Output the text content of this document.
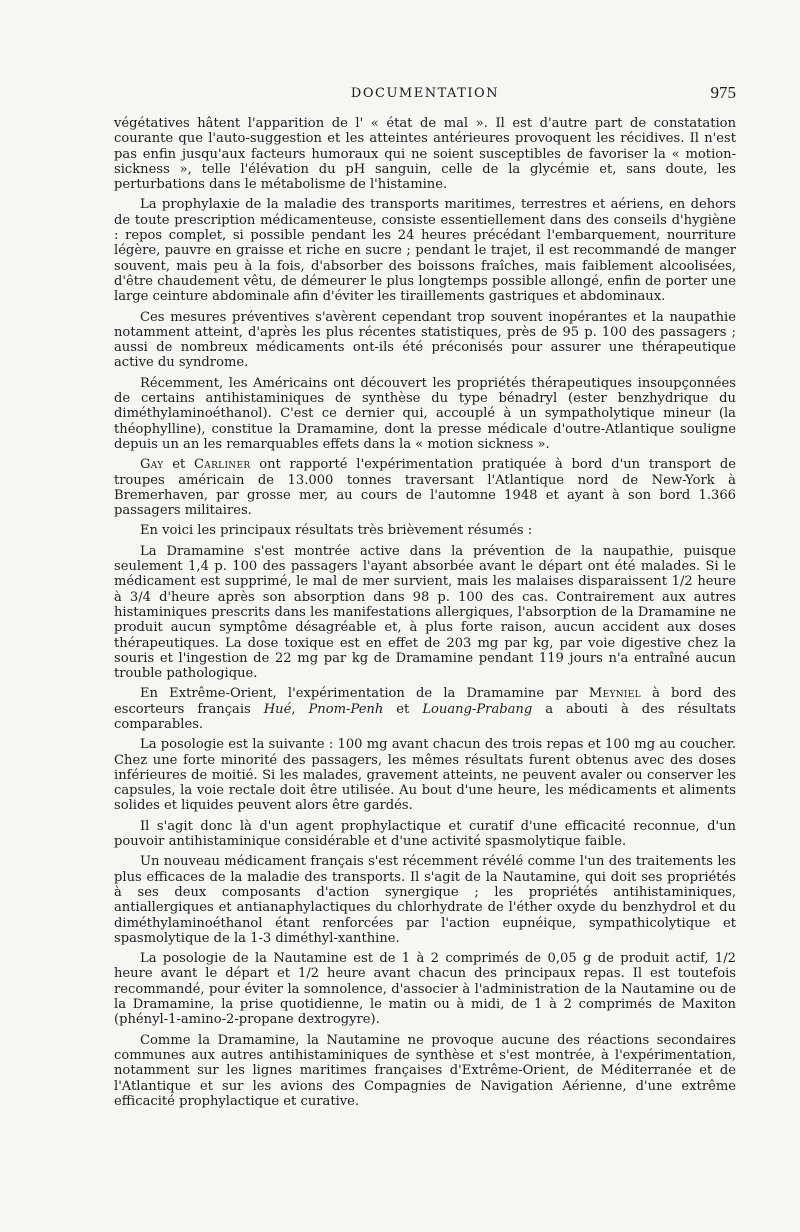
DOCUMENTATION	975

végétatives hâtent l'apparition de l' « état de mal ». Il est d'autre part de constatation courante que l'auto-suggestion et les atteintes antérieures provoquent les récidives. Il n'est pas enfin jusqu'aux facteurs humoraux qui ne soient susceptibles de favoriser la « motion-sickness », telle l'élévation du pH sanguin, celle de la glycémie et, sans doute, les perturbations dans le métabolisme de l'histamine.

La prophylaxie de la maladie des transports maritimes, terrestres et aériens, en dehors de toute prescription médicamenteuse, consiste essentiellement dans des conseils d'hygiène : repos complet, si possible pendant les 24 heures précédant l'embarquement, nourriture légère, pauvre en graisse et riche en sucre ; pendant le trajet, il est recommandé de manger souvent, mais peu à la fois, d'absorber des boissons fraîches, mais faiblement alcoolisées, d'être chaudement vêtu, de démeurer le plus longtemps possible allongé, enfin de porter une large ceinture abdominale afin d'éviter les tiraillements gastriques et abdominaux.

Ces mesures préventives s'avèrent cependant trop souvent inopérantes et la naupathie notamment atteint, d'après les plus récentes statistiques, près de 95 p. 100 des passagers ; aussi de nombreux médicaments ont-ils été préconisés pour assurer une thérapeutique active du syndrome.

Récemment, les Américains ont découvert les propriétés thérapeutiques insoupçonnées de certains antihistaminiques de synthèse du type bénadryl (ester benzhydrique du diméthylaminoéthanol). C'est ce dernier qui, accouplé à un sympatholytique mineur (la théophylline), constitue la Dramamine, dont la presse médicale d'outre-Atlantique souligne depuis un an les remarquables effets dans la « motion sickness ».

Gay et Carliner ont rapporté l'expérimentation pratiquée à bord d'un transport de troupes américain de 13.000 tonnes traversant l'Atlantique nord de New-York à Bremerhaven, par grosse mer, au cours de l'automne 1948 et ayant à son bord 1.366 passagers militaires.

En voici les principaux résultats très brièvement résumés :

La Dramamine s'est montrée active dans la prévention de la naupathie, puisque seulement 1,4 p. 100 des passagers l'ayant absorbée avant le départ ont été malades. Si le médicament est supprimé, le mal de mer survient, mais les malaises disparaissent 1/2 heure à 3/4 d'heure après son absorption dans 98 p. 100 des cas. Contrairement aux autres histaminiques prescrits dans les manifestations allergiques, l'absorption de la Dramamine ne produit aucun symptôme désagréable et, à plus forte raison, aucun accident aux doses thérapeutiques. La dose toxique est en effet de 203 mg par kg, par voie digestive chez la souris et l'ingestion de 22 mg par kg de Dramamine pendant 119 jours n'a entraîné aucun trouble pathologique.

En Extrême-Orient, l'expérimentation de la Dramamine par Meyniel à bord des escorteurs français Hué, Pnom-Penh et Louang-Prabang a abouti à des résultats comparables.

La posologie est la suivante : 100 mg avant chacun des trois repas et 100 mg au coucher. Chez une forte minorité des passagers, les mêmes résultats furent obtenus avec des doses inférieures de moitié. Si les malades, gravement atteints, ne peuvent avaler ou conserver les capsules, la voie rectale doit être utilisée. Au bout d'une heure, les médicaments et aliments solides et liquides peuvent alors être gardés.

Il s'agit donc là d'un agent prophylactique et curatif d'une efficacité reconnue, d'un pouvoir antihistaminique considérable et d'une activité spasmolytique faible.

Un nouveau médicament français s'est récemment révélé comme l'un des traitements les plus efficaces de la maladie des transports. Il s'agit de la Nautamine, qui doit ses propriétés à ses deux composants d'action synergique ; les propriétés antihistaminiques, antiallergiques et antianaphylactiques du chlorhydrate de l'éther oxyde du benzhydrol et du diméthylaminoéthanol étant renforcées par l'action eupnéique, sympathicolytique et spasmolytique de la 1-3 diméthyl-xanthine.

La posologie de la Nautamine est de 1 à 2 comprimés de 0,05 g de produit actif, 1/2 heure avant le départ et 1/2 heure avant chacun des principaux repas. Il est toutefois recommandé, pour éviter la somnolence, d'associer à l'administration de la Nautamine ou de la Dramamine, la prise quotidienne, le matin ou à midi, de 1 à 2 comprimés de Maxiton (phényl-1-amino-2-propane dextrogyre).

Comme la Dramamine, la Nautamine ne provoque aucune des réactions secondaires communes aux autres antihistaminiques de synthèse et s'est montrée, à l'expérimentation, notamment sur les lignes maritimes françaises d'Extrême-Orient, de Méditerranée et de l'Atlantique et sur les avions des Compagnies de Navigation Aérienne, d'une extrême efficacité prophylactique et curative.
